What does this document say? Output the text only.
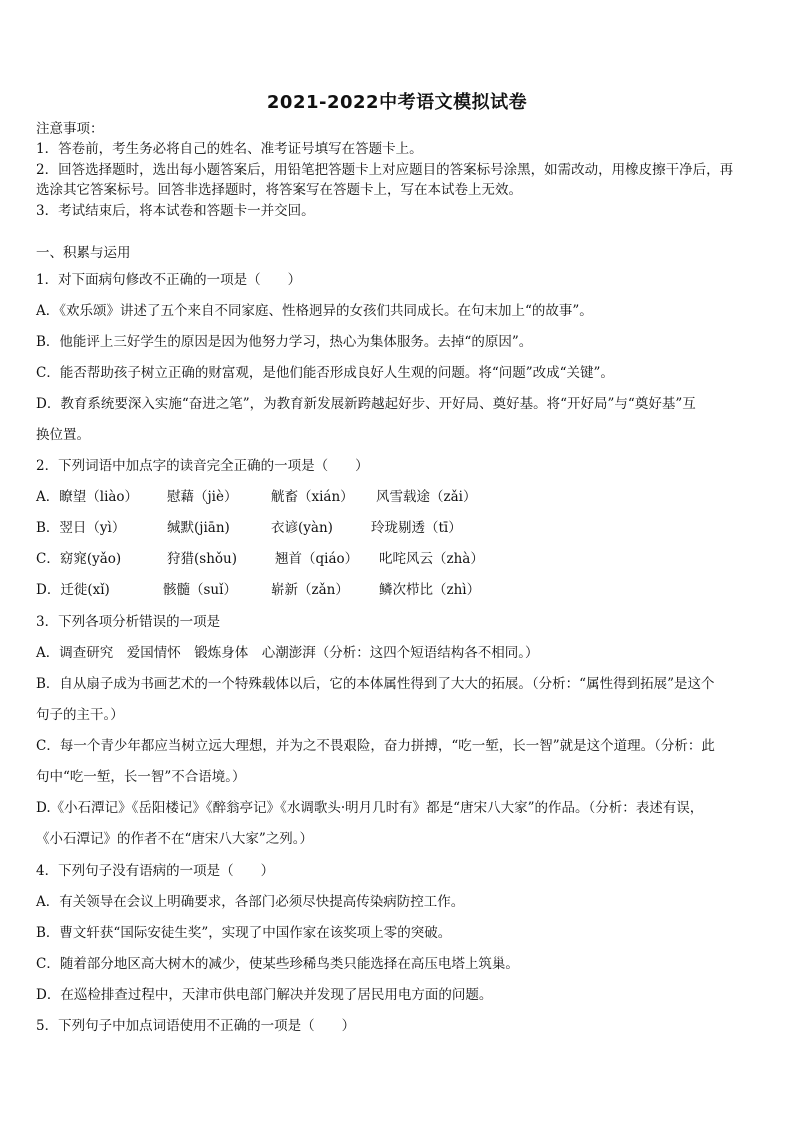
2021-2022中考语文模拟试卷
注意事项：
1．答卷前，考生务必将自己的姓名、准考证号填写在答题卡上。
2．回答选择题时，选出每小题答案后，用铅笔把答题卡上对应题目的答案标号涂黑，如需改动，用橡皮擦干净后，再
选涂其它答案标号。回答非选择题时，将答案写在答题卡上，写在本试卷上无效。
3．考试结束后，将本试卷和答题卡一并交回。
一、积累与运用
1．对下面病句修改不正确的一项是（　　）
A．《欢乐颂》讲述了五个来自不同家庭、性格迥异的女孩们共同成长。在句末加上“的故事”。
B．他能评上三好学生的原因是因为他努力学习，热心为集体服务。去掉“的原因”。
C．能否帮助孩子树立正确的财富观，是他们能否形成良好人生观的问题。将“问题”改成“关键”。
D．教育系统要深入实施“奋进之笔”，为教育新发展新跨越起好步、开好局、奠好基。将“开好局”与“奠好基”互
换位置。
2．下列词语中加点字的读音完全正确的一项是（　　）
A．瞭望（liào） 慰藉（jiè） 觥畜（xián） 风雪载途（zǎi）
B．翌日（yì）	缄默(jiān)	衣谚(yàn)	玲珑剔透（tī）
C．窈窕(yǎo)	狩猎(shǒu)	翘首（qiáo） 叱咤风云（zhà）
D．迁徙(xǐ)	骸髓（suǐ）	崭新（zǎn） 鳞次栉比（zhì）
3．下列各项分析错误的一项是
A．调查研究　爱国情怀　锻炼身体　心潮澎湃（分析：这四个短语结构各不相同。）
B．自从扇子成为书画艺术的一个特殊载体以后，它的本体属性得到了大大的拓展。（分析：“属性得到拓展”是这个
句子的主干。）
C．每一个青少年都应当树立远大理想，并为之不畏艰险，奋力拼搏，“吃一堑，长一智”就是这个道理。（分析：此
句中“吃一堑，长一智”不合语境。）
D.《小石潭记》《岳阳楼记》《醉翁亭记》《水调歌头·明月几时有》都是“唐宋八大家”的作品。（分析：表述有误，
《小石潭记》的作者不在“唐宋八大家”之列。）
4．下列句子没有语病的一项是（　　）
A．有关领导在会议上明确要求，各部门必须尽快提高传染病防控工作。
B．曹文轩获“国际安徒生奖”，实现了中国作家在该奖项上零的突破。
C．随着部分地区高大树木的减少，使某些珍稀鸟类只能选择在高压电塔上筑巢。
D．在巡检排查过程中，天津市供电部门解决并发现了居民用电方面的问题。
5．下列句子中加点词语使用不正确的一项是（　　）
